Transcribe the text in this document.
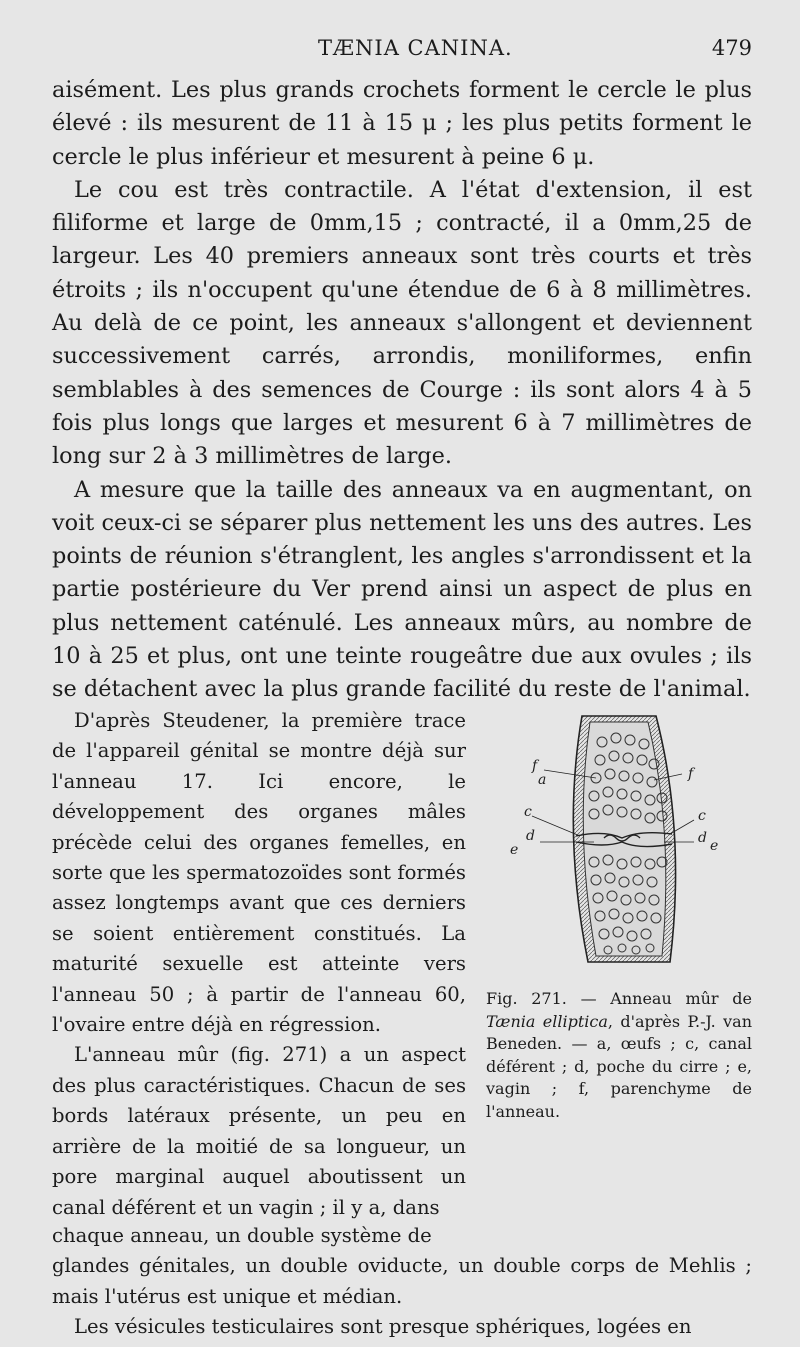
TÆNIA CANINA.	479

aisément. Les plus grands crochets forment le cercle le plus élevé : ils mesurent de 11 à 15 μ ; les plus petits forment le cercle le plus inférieur et mesurent à peine 6 μ.

Le cou est très contractile. A l'état d'extension, il est filiforme et large de 0mm,15 ; contracté, il a 0mm,25 de largeur. Les 40 premiers anneaux sont très courts et très étroits ; ils n'occupent qu'une étendue de 6 à 8 millimètres. Au delà de ce point, les anneaux s'allongent et deviennent successivement carrés, arrondis, moniliformes, enfin semblables à des semences de Courge : ils sont alors 4 à 5 fois plus longs que larges et mesurent 6 à 7 millimètres de long sur 2 à 3 millimètres de large.

A mesure que la taille des anneaux va en augmentant, on voit ceux-ci se séparer plus nettement les uns des autres. Les points de réunion s'étranglent, les angles s'arrondissent et la partie postérieure du Ver prend ainsi un aspect de plus en plus nettement caténulé. Les anneaux mûrs, au nombre de 10 à 25 et plus, ont une teinte rougeâtre due aux ovules ; ils se détachent avec la plus grande facilité du reste de l'animal.

f
a	f
c	c
d
e
d e
Fig. 271. — Anneau mûr de Tænia elliptica, d'après P.-J. van Beneden. — a, œufs ; c, canal déférent ; d, poche du cirre ; e, vagin ; f, parenchyme de l'anneau.

D'après Steudener, la première trace de l'appareil génital se montre déjà sur l'anneau 17. Ici encore, le développement des organes mâles précède celui des organes femelles, en sorte que les spermatozoïdes sont formés assez longtemps avant que ces derniers se soient entièrement constitués. La maturité sexuelle est atteinte vers l'anneau 50 ; à partir de l'anneau 60, l'ovaire entre déjà en régression.

L'anneau mûr (fig. 271) a un aspect des plus caractéristiques. Chacun de ses bords latéraux présente, un peu en arrière de la moitié de sa longueur, un pore marginal auquel aboutissent un canal déférent et un vagin ; il y a, dans

chaque anneau, un double système de

glandes génitales, un double oviducte, un double corps de Mehlis ; mais l'utérus est unique et médian.

Les vésicules testiculaires sont presque sphériques, logées en
